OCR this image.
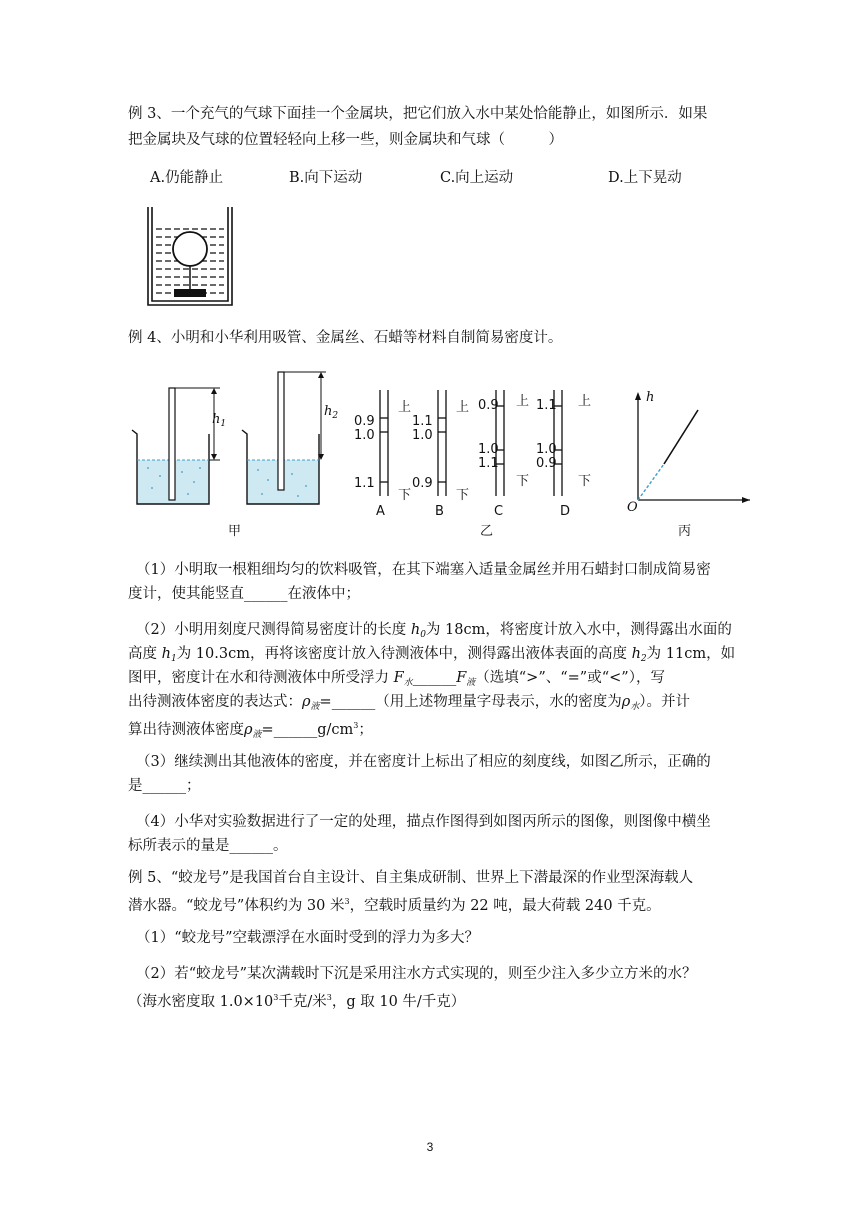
例 3、一个充气的气球下面挂一个金属块，把它们放入水中某处恰能静止，如图所示．如果
把金属块及气球的位置轻轻向上移一些，则金属块和气球（　　　）
A.仍能静止	B.向下运动	C.向上运动	D.上下晃动
例 4、小明和小华利用吸管、金属丝、石蜡等材料自制简易密度计。
$h_1$
$h_2$
甲
0.9
1.0
1.1
上
下
A
1.1
1.0
0.9
上
下
B
0.9
1.0
1.1
上
下
C
1.1
1.0
0.9
上
下
D
乙
h
O
丙
（1）小明取一根粗细均匀的饮料吸管，在其下端塞入适量金属丝并用石蜡封口制成简易密
度计，使其能竖直______在液体中；
（2）小明用刻度尺测得简易密度计的长度 $h_0$为 18cm，将密度计放入水中，测得露出水面的
高度 $h_1$为 10.3cm，再将该密度计放入待测液体中，测得露出液体表面的高度 $h_2$为 11cm，如
图甲，密度计在水和待测液体中所受浮力 $F_水\_\_\_\_\_\_F_液$（选填“>”、“=”或“<”），写
出待测液体密度的表达式：$\rho_液=\_\_\_\_\_\_$（用上述物理量字母表示，水的密度为$\rho_水$）。并计
算出待测液体密度$\rho_液=\_\_\_\_\_\_g/cm^3$；
（3）继续测出其他液体的密度，并在密度计上标出了相应的刻度线，如图乙所示，正确的
是______；
（4）小华对实验数据进行了一定的处理，描点作图得到如图丙所示的图像，则图像中横坐
标所表示的量是______。
例 5、“蛟龙号”是我国首台自主设计、自主集成研制、世界上下潜最深的作业型深海载人
潜水器。“蛟龙号”体积约为 30 米$^3$，空载时质量约为 22 吨，最大荷载 240 千克。
（1）“蛟龙号”空载漂浮在水面时受到的浮力为多大？
（2）若“蛟龙号”某次满载时下沉是采用注水方式实现的，则至少注入多少立方米的水？
（海水密度取 $1.0\times 10^3$千克/米$^3$，g 取 10 牛/千克）
3
